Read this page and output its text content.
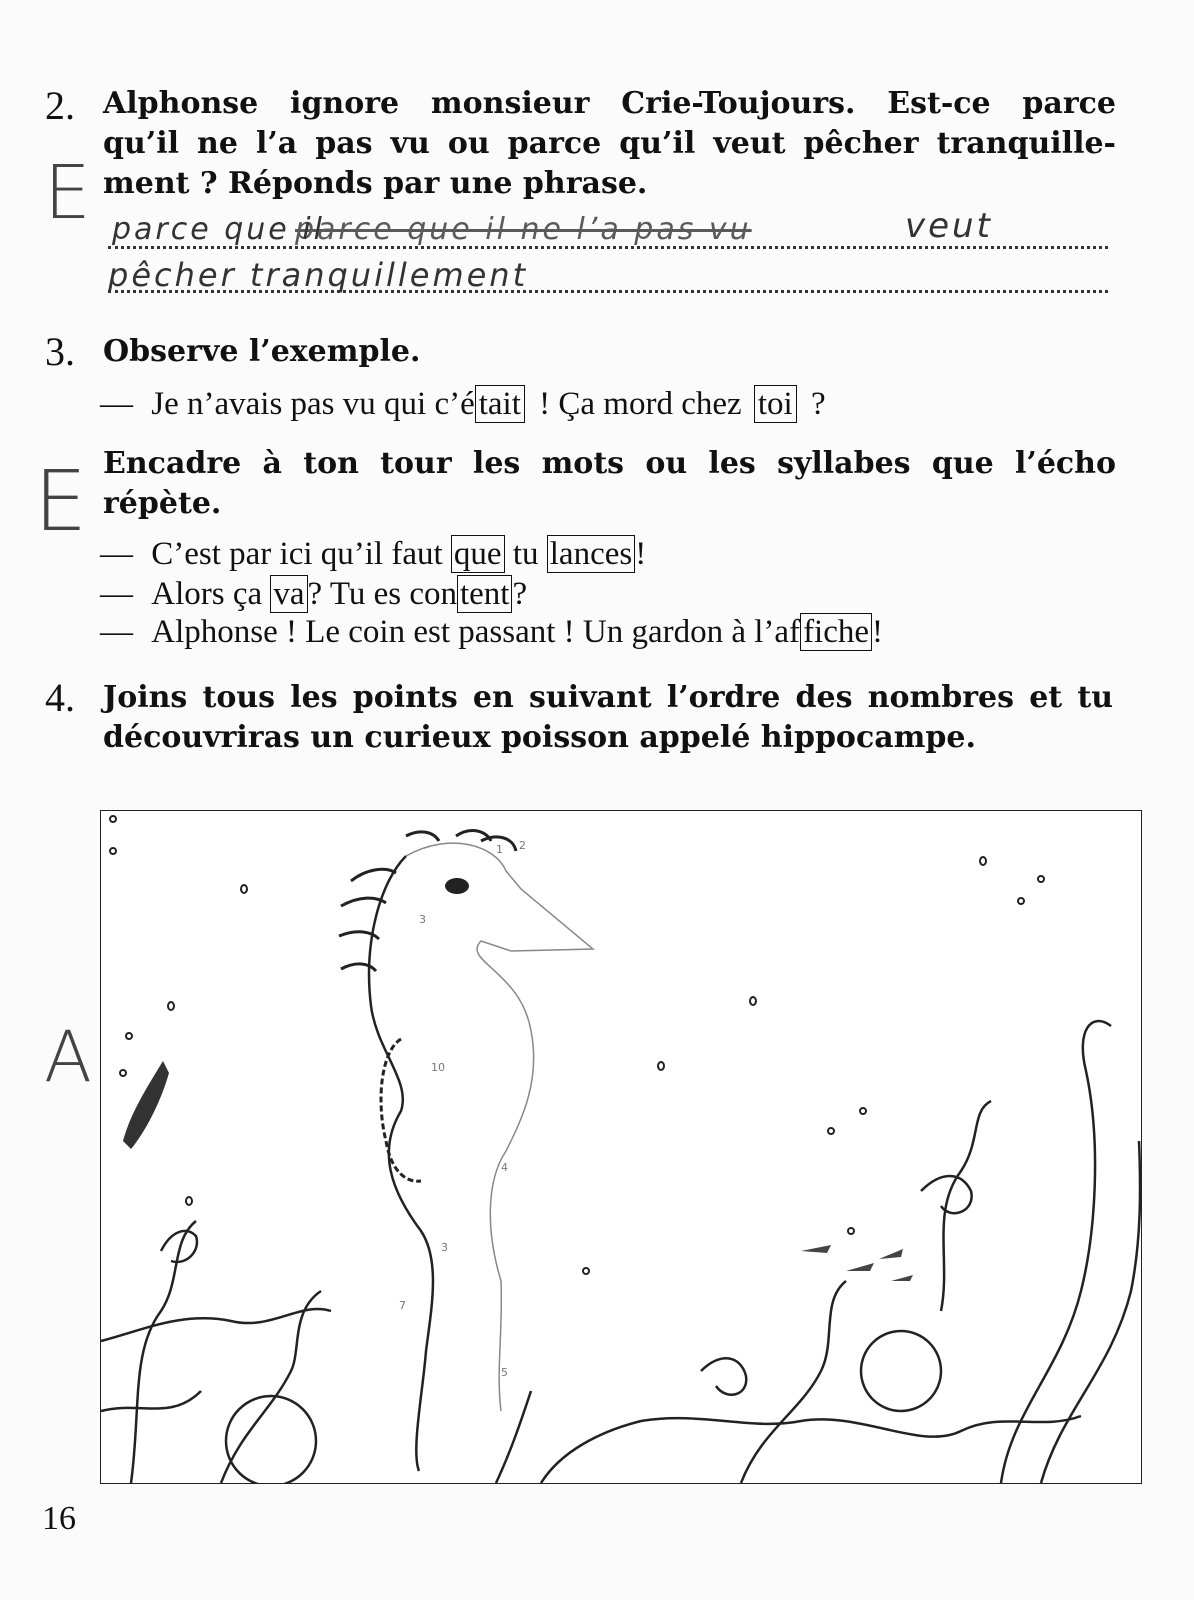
2. Alphonse ignore monsieur Crie-Toujours. Est-ce parce
qu’il ne l’a pas vu ou parce qu’il veut pêcher tranquille-
ment ? Réponds par une phrase.
E parce que il
parce que il ne l’a pas vu	veut
pêcher tranquillement
3. Observe l’exemple.
— Je n’avais pas vu qui c’é tait ! Ça mord chez toi ?
Encadre à ton tour les mots ou les syllabes que l’écho
répète.
E
— C’est par ici qu’il faut que tu lances!
— Alors ça va? Tu es content?
— Alphonse ! Le coin est passant ! Un gardon à l’affiche!
4. Joins tous les points en suivant l’ordre des nombres et tu
découvriras un curieux poisson appelé hippocampe.
A
1 2
3
10
4
3
7
5
16
